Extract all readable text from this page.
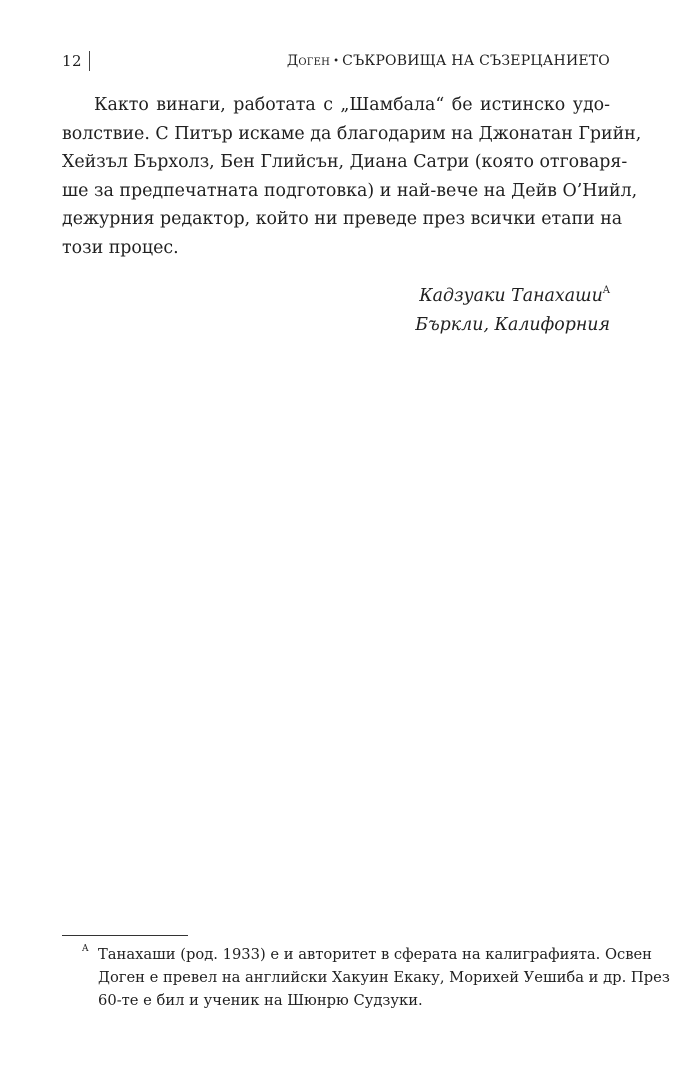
12	Доген • СЪКРОВИЩА НА СЪЗЕРЦАНИЕТО
Както винаги, работата с „Шамбала“ бе истинско удо-
волствие. С Питър искаме да благодарим на Джонатан Грийн,
Хейзъл Бърхолз, Бен Глийсън, Диана Сатри (която отговаря-
ше за предпечатната подготовка) и най-вече на Дейв О’Нийл,
дежурния редактор, който ни преведе през всички етапи на
този процес.
Кадзуаки Танахаши$^A$
Бъркли, Калифорния
A Танахаши (род. 1933) е и авторитет в сферата на калиграфията. Освен
Доген е превел на английски Хакуин Екаку, Морихей Уешиба и др. През
60-те е бил и ученик на Шюнрю Судзуки.
